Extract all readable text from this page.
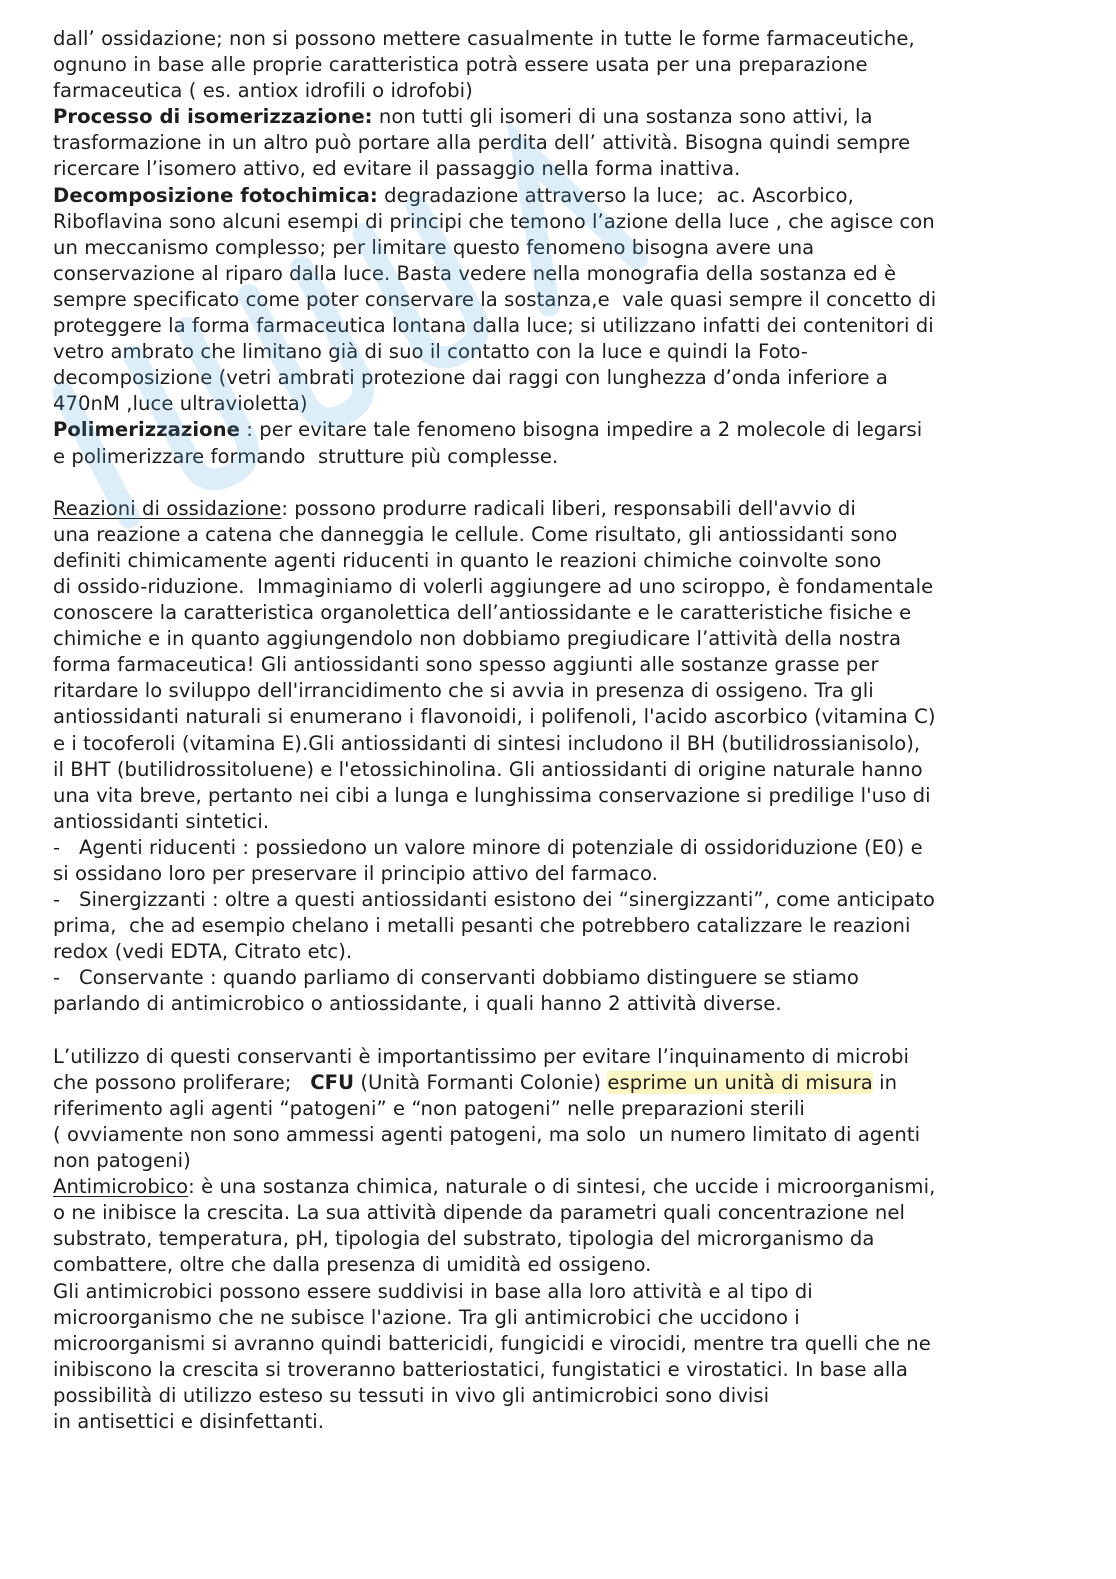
dall’ ossidazione; non si possono mettere casualmente in tutte le forme farmaceutiche,
ognuno in base alle proprie caratteristica potrà essere usata per una preparazione
farmaceutica ( es. antiox idrofili o idrofobi)
Processo di isomerizzazione: non tutti gli isomeri di una sostanza sono attivi, la
trasformazione in un altro può portare alla perdita dell’ attività. Bisogna quindi sempre
ricercare l’isomero attivo, ed evitare il passaggio nella forma inattiva.
Decomposizione fotochimica: degradazione attraverso la luce;  ac. Ascorbico,
Riboflavina sono alcuni esempi di principi che temono l’azione della luce , che agisce con
un meccanismo complesso; per limitare questo fenomeno bisogna avere una
conservazione al riparo dalla luce. Basta vedere nella monografia della sostanza ed è
sempre specificato come poter conservare la sostanza,e  vale quasi sempre il concetto di
proteggere la forma farmaceutica lontana dalla luce; si utilizzano infatti dei contenitori di
vetro ambrato che limitano già di suo il contatto con la luce e quindi la Foto-
decomposizione (vetri ambrati protezione dai raggi con lunghezza d’onda inferiore a
470nM ,luce ultravioletta)
Polimerizzazione : per evitare tale fenomeno bisogna impedire a 2 molecole di legarsi
e polimerizzare formando  strutture più complesse.
Reazioni di ossidazione: possono produrre radicali liberi, responsabili dell'avvio di
una reazione a catena che danneggia le cellule. Come risultato, gli antiossidanti sono
definiti chimicamente agenti riducenti in quanto le reazioni chimiche coinvolte sono
di ossido-riduzione.  Immaginiamo di volerli aggiungere ad uno sciroppo, è fondamentale
conoscere la caratteristica organolettica dell’antiossidante e le caratteristiche fisiche e
chimiche e in quanto aggiungendolo non dobbiamo pregiudicare l’attività della nostra
forma farmaceutica! Gli antiossidanti sono spesso aggiunti alle sostanze grasse per
ritardare lo sviluppo dell'irrancidimento che si avvia in presenza di ossigeno. Tra gli
antiossidanti naturali si enumerano i flavonoidi, i polifenoli, l'acido ascorbico (vitamina C)
e i tocoferoli (vitamina E).Gli antiossidanti di sintesi includono il BH (butilidrossianisolo),
il BHT (butilidrossitoluene) e l'etossichinolina. Gli antiossidanti di origine naturale hanno
una vita breve, pertanto nei cibi a lunga e lunghissima conservazione si predilige l'uso di
antiossidanti sintetici.
-   Agenti riducenti : possiedono un valore minore di potenziale di ossidoriduzione (E0) e
si ossidano loro per preservare il principio attivo del farmaco.
-   Sinergizzanti : oltre a questi antiossidanti esistono dei “sinergizzanti”, come anticipato
prima,  che ad esempio chelano i metalli pesanti che potrebbero catalizzare le reazioni
redox (vedi EDTA, Citrato etc).
-   Conservante : quando parliamo di conservanti dobbiamo distinguere se stiamo
parlando di antimicrobico o antiossidante, i quali hanno 2 attività diverse.
L’utilizzo di questi conservanti è importantissimo per evitare l’inquinamento di microbi
che possono proliferare;   CFU (Unità Formanti Colonie) esprime un unità di misura in
riferimento agli agenti “patogeni” e “non patogeni” nelle preparazioni sterili
( ovviamente non sono ammessi agenti patogeni, ma solo  un numero limitato di agenti
non patogeni)
Antimicrobico: è una sostanza chimica, naturale o di sintesi, che uccide i microorganismi,
o ne inibisce la crescita. La sua attività dipende da parametri quali concentrazione nel
substrato, temperatura, pH, tipologia del substrato, tipologia del microrganismo da
combattere, oltre che dalla presenza di umidità ed ossigeno.
Gli antimicrobici possono essere suddivisi in base alla loro attività e al tipo di
microorganismo che ne subisce l'azione. Tra gli antimicrobici che uccidono i
microorganismi si avranno quindi battericidi, fungicidi e virocidi, mentre tra quelli che ne
inibiscono la crescita si troveranno batteriostatici, fungistatici e virostatici. In base alla
possibilità di utilizzo esteso su tessuti in vivo gli antimicrobici sono divisi
in antisettici e disinfettanti.
